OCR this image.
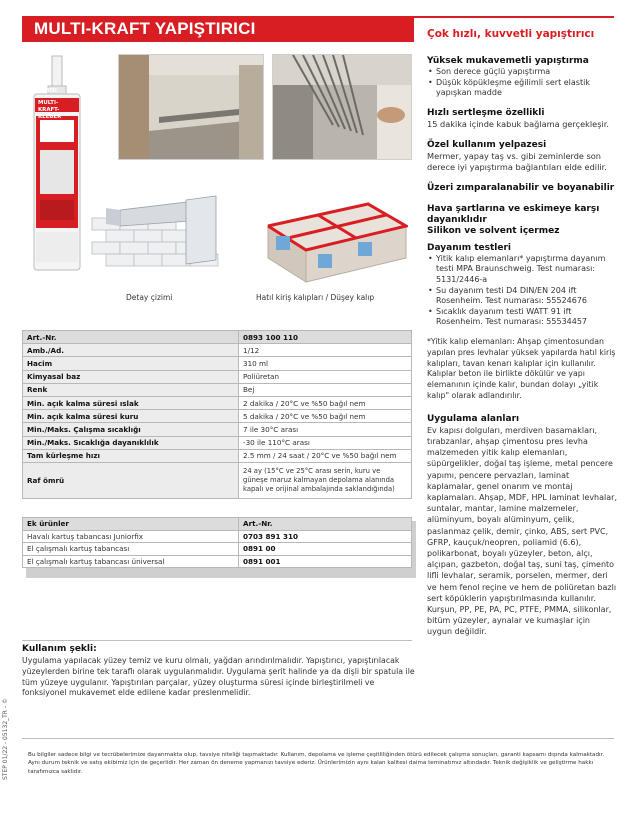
MULTI-KRAFT YAPIŞTIRICI	Çok hızlı, kuvvetli yapıştırıcı
MULTI-
KRAFT-
KLEBER
WÜRTH
Detay çizimi	Hatıl kiriş kalıpları / Düşey kalıp
Art.-Nr.	0893 100 110
Amb./Ad.	1/12
Hacim	310 ml
Kimyasal baz	Poliüretan
Renk	Bej
Min. açık kalma süresi ıslak	2 dakika / 20°C ve %50 bağıl nem
Min. açık kalma süresi kuru	5 dakika / 20°C ve %50 bağıl nem
Min./Maks. Çalışma sıcaklığı	7 ile 30°C arası
Min./Maks. Sıcaklığa dayanıklılık	-30 ile 110°C arası
Tam kürleşme hızı	2.5 mm / 24 saat / 20°C ve %50 bağıl nem
Raf ömrü	24 ay (15°C ve 25°C arası serin, kuru ve güneşe maruz kalmayan depolama alanında kapalı ve orijinal ambalajında saklandığında)
Ek ürünler	Art.-Nr.
Havalı kartuş tabancası Juniorfix	0703 891 310
El çalışmalı kartuş tabancası	0891 00
El çalışmalı kartuş tabancası üniversal	0891 001
Kullanım şekli:
Uygulama yapılacak yüzey temiz ve kuru olmalı, yağdan arındırılmalıdır. Yapıştırıcı, yapıştırılacak yüzeylerden birine tek taraflı olarak uygulanmalıdır. Uygulama şerit halinde ya da dişli bir spatula ile tüm yüzeye uygulanır. Yapıştırılan parçalar, yüzey oluşturma süresi içinde birleştirilmeli ve fonksiyonel mukavemet elde edilene kadar preslenmelidir.
Yüksek mukavemetli yapıştırma
• Son derece güçlü yapıştırma
• Düşük köpükleşme eğilimli sert elastik yapışkan madde
Hızlı sertleşme özellikli
15 dakika içinde kabuk bağlama gerçekleşir.
Özel kullanım yelpazesi
Mermer, yapay taş vs. gibi zeminlerde son derece iyi yapıştırma bağlantıları elde edilir.
Üzeri zımparalanabilir ve boyanabilir
Hava şartlarına ve eskimeye karşı dayanıklıdır
Silikon ve solvent içermez
Dayanım testleri
• Yitik kalıp elemanları* yapıştırma dayanım testi MPA Braunschweig. Test numarası: 5131/2446-a
• Su dayanım testi D4 DIN/EN 204 ift Rosenheim. Test numarası: 55524676
• Sıcaklık dayanım testi WATT 91 ift Rosenheim. Test numarası: 55534457
*Yitik kalıp elemanları: Ahşap çimentosundan yapılan pres levhalar yüksek yapılarda hatıl kiriş kalıpları, tavan kenarı kalıplar için kullanılır. Kalıplar beton ile birlikte dökülür ve yapı elemanının içinde kalır, bundan dolayı „yitik kalıp" olarak adlandırılır.
Uygulama alanları
Ev kapısı dolguları, merdiven basamakları, tırabzanlar, ahşap çimentosu pres levha malzemeden yitik kalıp elemanları, süpürgelikler, doğal taş işleme, metal pencere yapımı, pencere pervazları, laminat kaplamalar, genel onarım ve montaj kaplamaları. Ahşap, MDF, HPL laminat levhalar, suntalar, mantar, lamine malzemeler, alüminyum, boyalı alüminyum, çelik, paslanmaz çelik, demir, çinko, ABS, sert PVC, GFRP, kauçuk/neopren, poliamid (6.6), polikarbonat, boyalı yüzeyler, beton, alçı, alçıpan, gazbeton, doğal taş, suni taş, çimento lifli levhalar, seramik, porselen, mermer, deri ve hem fenol reçine ve hem de poliüretan bazlı sert köpüklerin yapıştırılmasında kullanılır. Kurşun, PP, PE, PA, PC, PTFE, PMMA, silikonlar, bitüm yüzeyler, aynalar ve kumaşlar için uygun değildir.
Bu bilgiler sadece bilgi ve tecrübelerimize dayanmakta olup, tavsiye niteliği taşımaktadır. Kullanım, depolama ve işleme çeşitliliğinden ötürü edilecek çalışma sonuçları, garanti kapsamı dışında kalmaktadır. Aynı durum teknik ve satış ekibimiz için de geçerlidir. Her zaman ön deneme yapmanızı tavsiye ederiz. Ürünlerimizin aynı kalan kalitesi daima teminatımız altındadır. Teknik değişiklik ve geliştirme hakkı tarafımızca saklıdır.
STEP 01/22 - 05132_TR - ©
